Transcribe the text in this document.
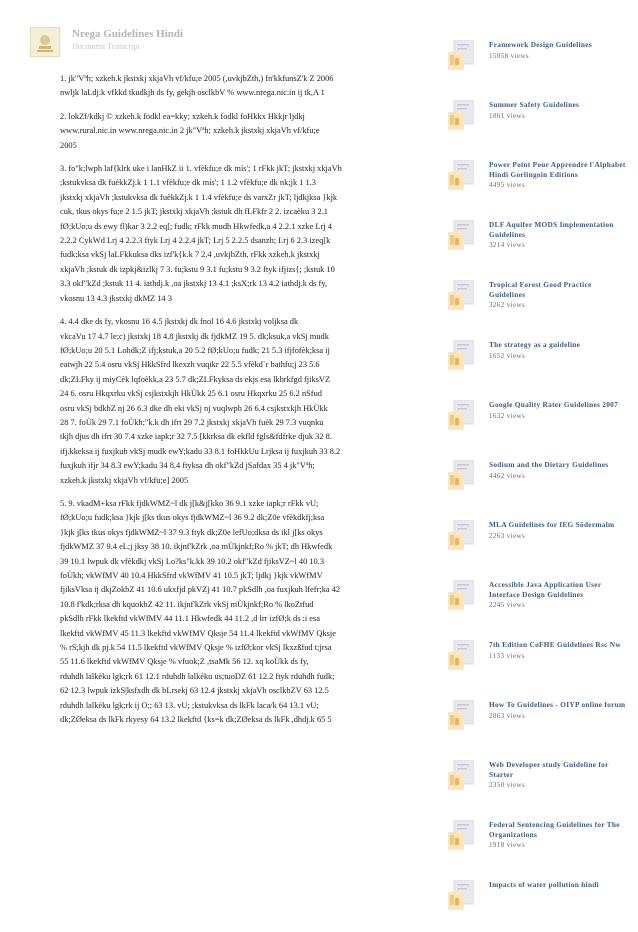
Nrega Guidelines Hindi
Document Transcript
1. jk"Vªh; xzkeh.k jkstxkj xkjaVh vf/kfu;e 2005 (,uvkjbZth,) fn'kkfunsZ'k Z 2006
nwljk laLdj.k vfkkd tkudkjh ds fy, gekjh osclkbV % www.nrega.nic.in ij tk,A 1
2. lokZf/kdkj © xzkeh.k fodkl ea=kky; xzkeh.k fodkl foHkkx Hkkjr ljdkj
www.rural.nic.in www.nrega.nic.in 2 jk"Vªh; xzkeh.k jkstxkj xkjaVh vf/kfu;e
2005
3. fo"k;lwph laf{klrk uke i lanHkZ ii 1. vfèkfu;e dk mís'; 1 rFkk jkT; jkstxkj xkjaVh
;kstukvksa dk fuèkkZj.k 1 1.1 vfèkfu;e dk mís'; 1 1.2 vfèkfu;e dk nk;jk 1 1.3
jkstxkj xkjaVh ;kstukvksa dk fuèkkZj.k 1 1.4 vfèkfu;e ds varxZr jkT; ljdkjksa }kjk
cuk, tkus okys fu;e 2 1.5 jkT; jkstxkj xkjaVh ;kstuk dh fLFkfr 2 2. izcaèku 3 2.1
fØ;kUo;u ds ewy fl)kar 3 2.2 eq[; fudk; rFkk mudh Hkwfedk,a 4 2.2.1 xzke Lrj 4
2.2.2 CykWd Lrj 4 2.2.3 ftyk Lrj 4 2.2.4 jkT; Lrj 5 2.2.5 dsanzh; Lrj 6 2.3 izeq[k
fudk;ksa vkSj laLFkkuksa dks izf'k{k.k 7 2.4 ,uvkjbZth, rFkk xzkeh.k jkstxkj
xkjaVh ;kstuk dk izpkj&izlkj 7 3. fu;kstu 9 3.1 fu;kstu 9 3.2 ftyk ifjizs{; ;kstuk 10
3.3 okf"kZd ;kstuk 11 4. iathdj.k ,oa jkstxkj 13 4.1 ;ksX;rk 13 4.2 iathdj.k ds fy,
vkosnu 13 4.3 jkstxkj dkMZ 14 3
4. 4.4 dke ds fy, vkosnu 16 4.5 jkstxkj dk fnol 16 4.6 jkstxkj voljksa dk
vkcaVu 17 4.7 le;c) jkstxkj 18 4.8 jkstxkj dk fjdkMZ 19 5. dk;ksuk,a vkSj mudk
fØ;kUo;u 20 5.1 Lohdk;Z ifj;kstuk,a 20 5.2 fØ;kUo;u fudk; 21 5.3 ifjfofèk;ksa ij
eatwjh 22 5.4 osru vkSj HkkSfrd lkexzh vuqikr 22 5.5 vfèkd`r bathfu;j 23 5.6
dk;ZLFky ij miyCèk lqfoèkk,a 23 5.7 dk;ZLFkyksa ds ekjs esa lkbrkfgd fjiksVZ
24 6. osru Hkqxrku vkSj csjkstxkjh HkÙkk 25 6.1 osru Hkqxrku 25 6.2 nSfud
osru vkSj bdkbZ nj 26 6.3 dke dh eki vkSj nj vuqlwph 26 6.4 csjkstxkjh HkÙkk
28 7. foÙk 29 7.1 foÙkh;"k.k dh ifrt 29 7.2 jkstxkj xkjaVh fuèk 29 7.3 vuqnku
tkjh djus dh ifrt 30 7.4 xzke iapk;r 32 7.5 [kkrksa dk ekfld fgls&fdfrke djuk 32 8.
ifj.kkeksa ij fuxjkuh vkSj mudk ewY;kadu 33 8.1 foHkkUu Lrjksa ij fuxjkuh 33 8.2
fuxjkuh ifjr 34 8.3 ewY;kadu 34 8.4 ftyksa dh okf"kZd jSafdax 35 4 jk"Vªh;
xzkeh.k jkstxkj xkjaVh vf/kfu;e] 2005
5. 9. vkadM+ksa rFkk fjdkWMZ~l dk j[k&j[kko 36 9.1 xzke iapk;r rFkk vU;
fØ;kUo;u fudk;ksa }kjk j[ks tkus okys fjdkWMZ~l 36 9.2 dk;Z0e vfèkdkfj;ksa
}kjk j[ks tkus okys fjdkWMZ~l 37 9.3 ftyk dk;Z0e lefUo;dksa ds ikl j[ks okys
fjdkWMZ 37 9.4 eL;j jksy 38 10. ikjnf'kZrk ,oa mÙkjnkf;Ro % jkT; dh Hkwfedk
39 10.1 lwpuk dk vfèkdkj vkSj Lo?ks"k.kk 39 10.2 okf"kZd fjiksVZ~l 40 10.3
foÙkh; vkWfMV 40 10.4 HkkSfrd vkWfMV 41 10.5 jkT; ljdkj }kjk vkWfMV
fjiksVksa ij dkjZokbZ 41 10.6 ukxfjd pkVZj 41 10.7 pkSdlh ,oa fuxjkuh lfefr;ka 42
10.8 f'kdk;rksa dh kquokbZ 42 11. ikjnf'kZrk vkSj mÙkjnkf;Ro % lkoZtfud
pkSdlh rFkk lkekftd vkWfMV 44 11.1 Hkwfedk 44 11.2 ,d lrr izfØ;k ds :i esa
lkekftd vkWfMV 45 11.3 lkekftd vkWfMV Qksje 54 11.4 lkekftd vkWfMV Qksje
% rS;kjh dk pj.k 54 11.5 lkekftd vkWfMV Qksje % izfØ;kor vkSj lkxzßfud t;jrsa
55 11.6 lkekftd vkWfMV Qksje % vfuok;Z ,tsaMk 56 12. xq koÙkk ds fy,
rduhdh lalkèku lgk;rk 61 12.1 rduhdh lalkèku us;tuoDZ 61 12.2 ftyk rduhdh fudk;
62 12.3 lwpuk izkS|ksfxdh dk bLrsekj 63 12.4 jkstxkj xkjaVh osclkbZV 63 12.5
rduhdh lalkèku lgk;rk ij O;; 63 13. vU; ;kstukvksa ds lkFk laca/k 64 13.1 vU;
dk;ZØeksa ds lkFk rkyesy 64 13.2 lkekftd {ks=k dk;ZØeksa ds lkFk ,dhdj.k 65 5
Framework Design Guidelines
15058 views
Summer Safety Guidelines
1861 views
Power Point Pour Apprendre l'Alphabet Hindi Gorlingoin Editions
4495 views
DLF Aquifer MODS Implementation Guidelines
3214 views
Tropical Forest Good Practice Guidelines
3262 views
The strategy as a guideline
1652 views
Google Quality Rater Guidelines 2007
1632 views
Sodium and the Dietary Guidelines
4462 views
MLA Guidelines for IEG Södermalm
2263 views
Accessible Java Application User Interface Design Guidelines
2245 views
7th Edition CoFHE Guidelines Rsc Nw
1133 views
How To Guidelines - OIYP online forum
2863 views
Web Developer study Guideline for Starter
2350 views
Federal Sentencing Guidelines for The Organizations
1918 views
Impacts of water pollution hindi
